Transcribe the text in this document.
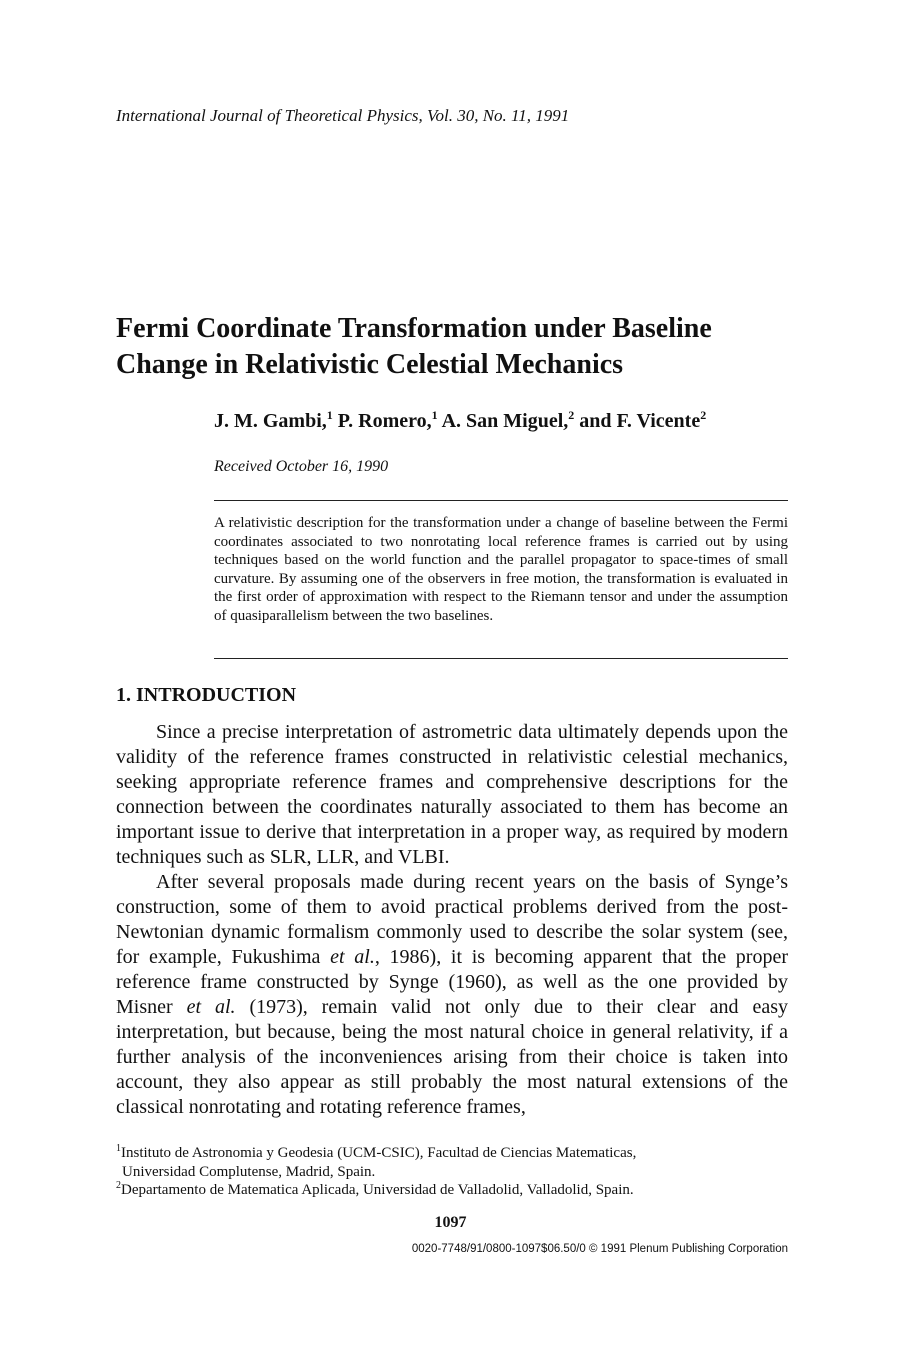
International Journal of Theoretical Physics, Vol. 30, No. 11, 1991
Fermi Coordinate Transformation under Baseline
Change in Relativistic Celestial Mechanics
J. M. Gambi,$^1$ P. Romero,$^1$ A. San Miguel,$^2$ and F. Vicente$^2$
Received October 16, 1990
A relativistic description for the transformation under a change of baseline between the Fermi coordinates associated to two nonrotating local reference frames is carried out by using techniques based on the world function and the parallel propagator to space-times of small curvature. By assuming one of the observers in free motion, the transformation is evaluated in the first order of approximation with respect to the Riemann tensor and under the assumption of quasiparallelism between the two baselines.
1. INTRODUCTION

Since a precise interpretation of astrometric data ultimately depends upon the validity of the reference frames constructed in relativistic celestial mechanics, seeking appropriate reference frames and comprehensive descriptions for the connection between the coordinates naturally associated to them has become an important issue to derive that interpretation in a proper way, as required by modern techniques such as SLR, LLR, and VLBI.

After several proposals made during recent years on the basis of Synge’s construction, some of them to avoid practical problems derived from the post-Newtonian dynamic formalism commonly used to describe the solar system (see, for example, Fukushima et al., 1986), it is becoming apparent that the proper reference frame constructed by Synge (1960), as well as the one provided by Misner et al. (1973), remain valid not only due to their clear and easy interpretation, but because, being the most natural choice in general relativity, if a further analysis of the inconveniences arising from their choice is taken into account, they also appear as still probably the most natural extensions of the classical nonrotating and rotating reference frames,

$^1$Instituto de Astronomia y Geodesia (UCM-CSIC), Facultad de Ciencias Matematicas,
Universidad Complutense, Madrid, Spain.
$^2$Departamento de Matematica Aplicada, Universidad de Valladolid, Valladolid, Spain.
1097
0020-7748/91/0800-1097$06.50/0 © 1991 Plenum Publishing Corporation
